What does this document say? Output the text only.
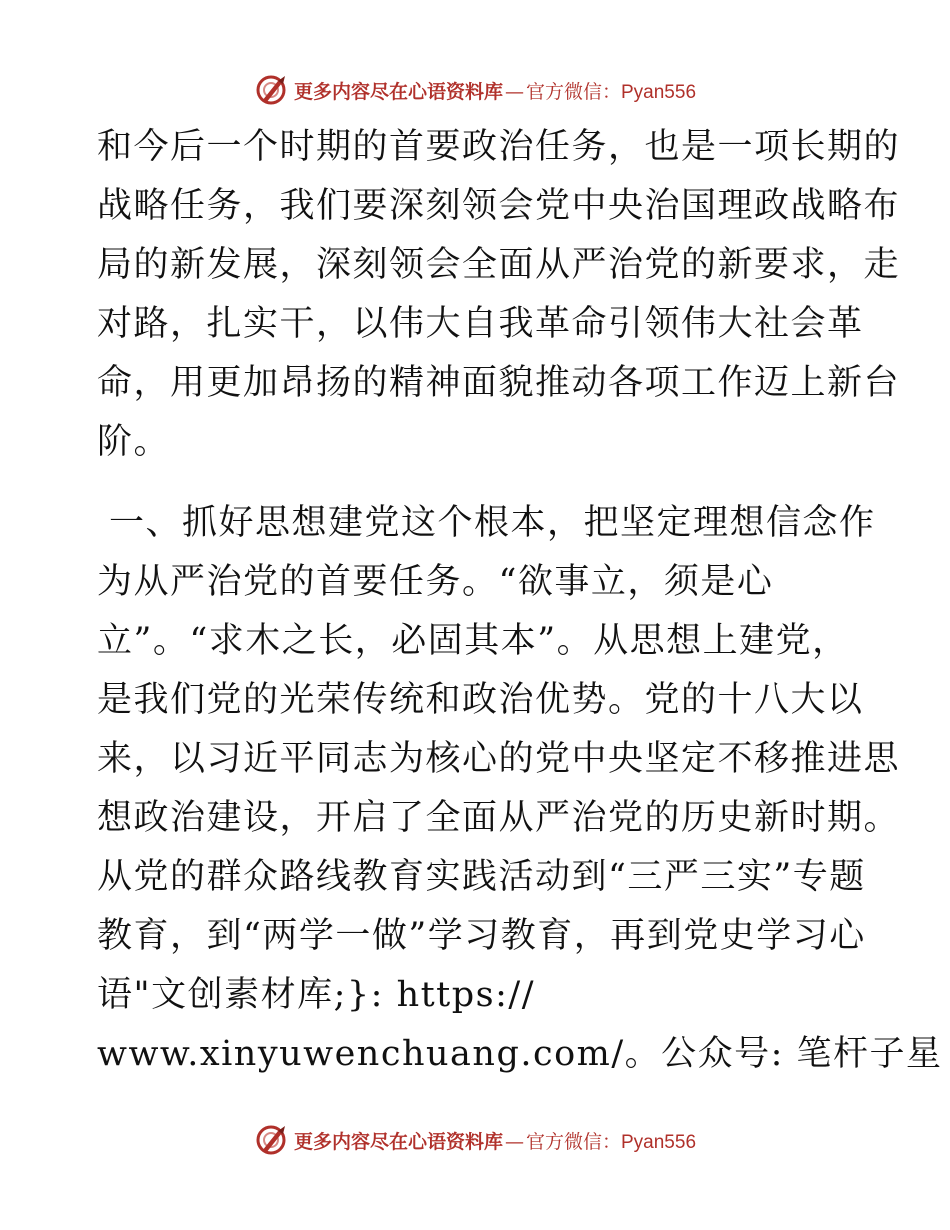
更多内容尽在心语资料库 — 官方微信： Pyan556
和今后一个时期的首要政治任务，也是一项长期的
战略任务，我们要深刻领会党中央治国理政战略布
局的新发展，深刻领会全面从严治党的新要求，走
对路，扎实干，以伟大自我革命引领伟大社会革
命，用更加昂扬的精神面貌推动各项工作迈上新台
阶。
一、抓好思想建党这个根本，把坚定理想信念作
为从严治党的首要任务。“欲事立，须是心
立”。“求木之长，必固其本”。从思想上建党，
是我们党的光荣传统和政治优势。党的十八大以
来，以习近平同志为核心的党中央坚定不移推进思
想政治建设，开启了全面从严治党的历史新时期。
从党的群众路线教育实践活动到“三严三实”专题
教育，到“两学一做”学习教育，再到党史学习心
语"文创素材库;}: https://
www.xinyuwenchuang.com/。公众号: 笔杆子星
更多内容尽在心语资料库 — 官方微信： Pyan556
